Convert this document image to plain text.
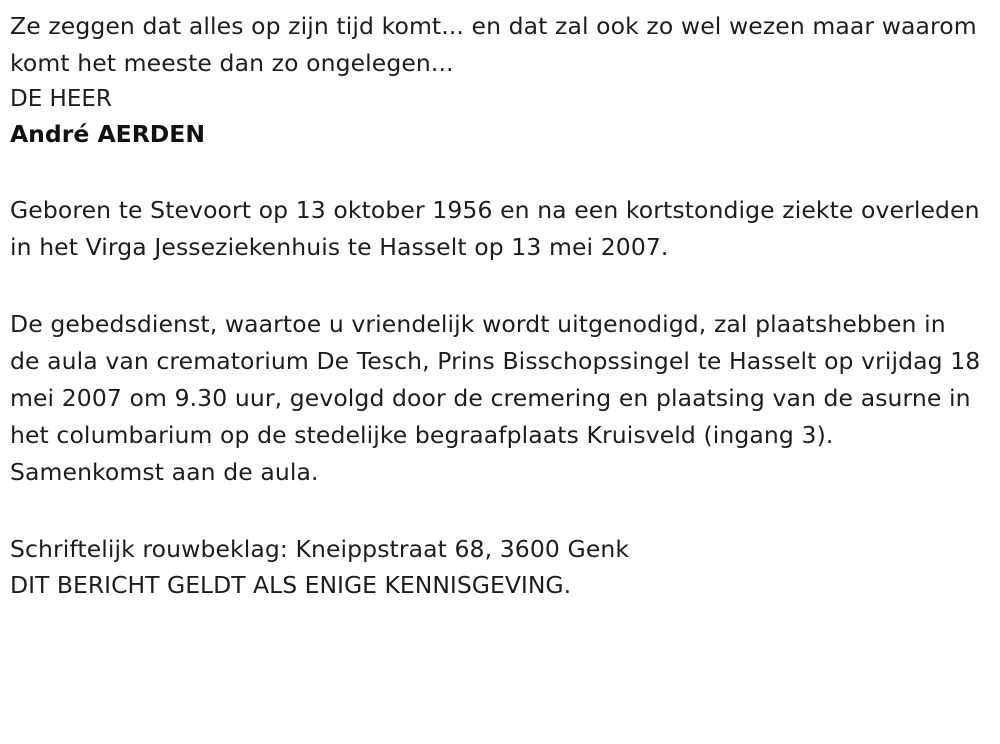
Ze zeggen dat alles op zijn tijd komt... en dat zal ook zo wel wezen maar waarom komt het meeste dan zo ongelegen...

DE HEER

André AERDEN

Geboren te Stevoort op 13 oktober 1956 en na een kortstondige ziekte overleden in het Virga Jesseziekenhuis te Hasselt op 13 mei 2007.

De gebedsdienst, waartoe u vriendelijk wordt uitgenodigd, zal plaatshebben in de aula van crematorium De Tesch, Prins Bisschopssingel te Hasselt op vrijdag 18 mei 2007 om 9.30 uur, gevolgd door de cremering en plaatsing van de asurne in het columbarium op de stedelijke begraafplaats Kruisveld (ingang 3). Samenkomst aan de aula.

Schriftelijk rouwbeklag: Kneippstraat 68, 3600 Genk

DIT BERICHT GELDT ALS ENIGE KENNISGEVING.
